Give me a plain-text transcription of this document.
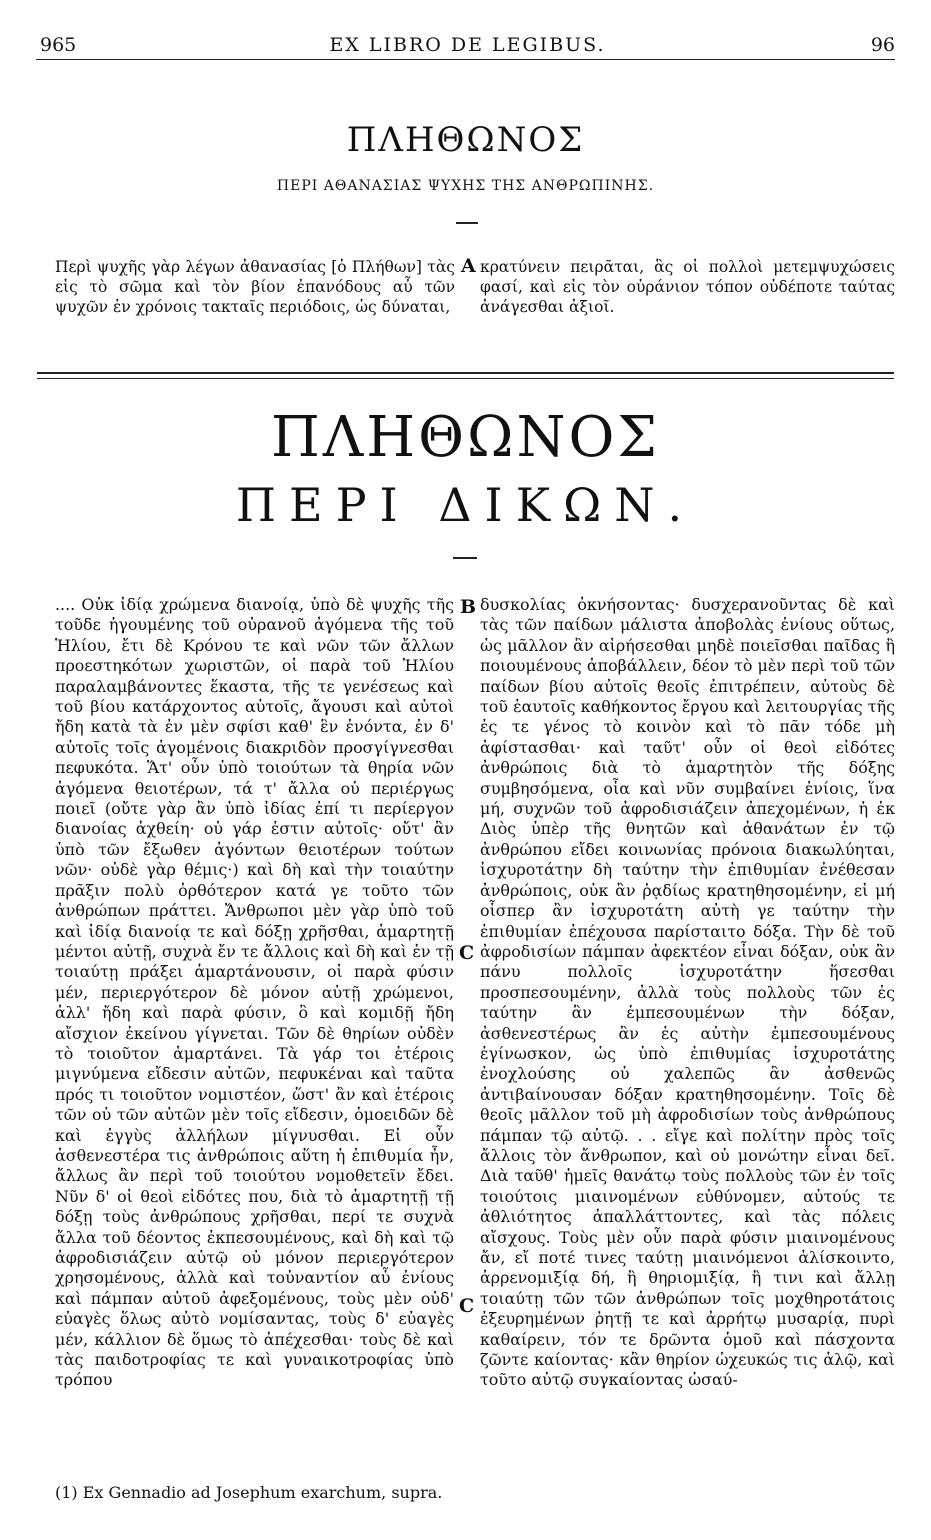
965	EX LIBRO DE LEGIBUS.	96
ΠΛΗΘΩΝΟΣ
ΠΕΡΙ ΑΘΑΝΑΣΙΑΣ ΨΥΧΗΣ ΤΗΣ ΑΝΘΡΩΠΙΝΗΣ.

Περὶ ψυχῆς γὰρ λέγων ἀθανασίας [ὁ Πλήθων] τὰς εἰς τὸ σῶμα καὶ τὸν βίον ἐπανόδους αὖ τῶν ψυχῶν ἐν χρόνοις τακταῖς περιόδοις, ὡς δύναται,

A κρατύνειν πειρᾶται, ἃς οἱ πολλοὶ μετεμψυχώσεις φασί, καὶ εἰς τὸν οὐράνιον τόπον οὐδέποτε ταύτας ἀνάγεσθαι ἀξιοῖ.

ΠΛΗΘΩΝΟΣ
ΠΕΡΙ ΔΙΚΩΝ.

.... Οὐκ ἰδίᾳ χρώμενα διανοίᾳ, ὑπὸ δὲ ψυχῆς τῆς τοῦδε ἡγουμένης τοῦ οὐρανοῦ ἀγόμενα τῆς τοῦ Ἡλίου, ἔτι δὲ Κρόνου τε καὶ νῶν τῶν ἄλλων προεστηκότων χωριστῶν, οἱ παρὰ τοῦ Ἡλίου παραλαμβάνοντες ἕκαστα, τῆς τε γενέσεως καὶ τοῦ βίου κατάρχοντος αὐτοῖς, ἄγουσι καὶ αὐτοὶ ἤδη κατὰ τὰ ἐν μὲν σφίσι καθ' ἓν ἐνόντα, ἐν δ' αὐτοῖς τοῖς ἀγομένοις διακριδὸν προσγίγνεσθαι πεφυκότα. Ἅτ' οὖν ὑπὸ τοιούτων τὰ θηρία νῶν ἀγόμενα θειοτέρων, τά τ' ἄλλα οὐ περιέργως ποιεῖ (οὔτε γὰρ ἂν ὑπὸ ἰδίας ἐπί τι περίεργον διανοίας ἀχθείη· οὐ γάρ ἐστιν αὐτοῖς· οὔτ' ἂν ὑπὸ τῶν ἔξωθεν ἀγόντων θειοτέρων τούτων νῶν· οὐδὲ γὰρ θέμις·) καὶ δὴ καὶ τὴν τοιαύτην πρᾶξιν πολὺ ὀρθότερον κατά γε τοῦτο τῶν ἀνθρώπων πράττει. Ἄνθρωποι μὲν γὰρ ὑπὸ τοῦ καὶ ἰδίᾳ διανοίᾳ τε καὶ δόξῃ χρῆσθαι, ἁμαρτητῇ μέντοι αὐτῇ, συχνὰ ἔν τε ἄλλοις καὶ δὴ καὶ ἐν τῇ τοιαύτῃ πράξει ἁμαρτάνουσιν, οἱ παρὰ φύσιν μέν, περιεργότερον δὲ μόνον αὐτῇ χρώμενοι, ἀλλ' ἤδη καὶ παρὰ φύσιν, ὃ καὶ κομιδῇ ἤδη αἴσχιον ἐκείνου γίγνεται. Τῶν δὲ θηρίων οὐδὲν τὸ τοιοῦτον ἁμαρτάνει. Τὰ γάρ τοι ἑτέροις μιγνύμενα εἴδεσιν αὐτῶν, πεφυκέναι καὶ ταῦτα πρός τι τοιοῦτον νομιστέον, ὥστ' ἂν καὶ ἑτέροις τῶν οὐ τῶν αὐτῶν μὲν τοῖς εἴδεσιν, ὁμοειδῶν δὲ καὶ ἐγγὺς ἀλλήλων μίγνυσθαι. Εἰ οὖν ἀσθενεστέρα τις ἀνθρώποις αὕτη ἡ ἐπιθυμία ἦν, ἄλλως ἂν περὶ τοῦ τοιούτου νομοθετεῖν ἔδει. Νῦν δ' οἱ θεοὶ εἰδότες που, διὰ τὸ ἁμαρτητῇ τῇ δόξῃ τοὺς ἀνθρώπους χρῆσθαι, περί τε συχνὰ ἄλλα τοῦ δέοντος ἐκπεσουμένους, καὶ δὴ καὶ τῷ ἀφροδισιάζειν αὐτῷ οὐ μόνον περιεργότερον χρησομένους, ἀλλὰ καὶ τοὐναντίον αὖ ἐνίους καὶ πάμπαν αὐτοῦ ἀφεξομένους, τοὺς μὲν οὐδ' εὐαγὲς ὅλως αὐτὸ νομίσαντας, τοὺς δ' εὐαγὲς μέν, κάλλιον δὲ ὅμως τὸ ἀπέχεσθαι· τοὺς δὲ καὶ τὰς παιδοτροφίας τε καὶ γυναικοτροφίας ὑπὸ τρόπου

B
C
C

δυσκολίας ὀκνήσοντας· δυσχερανοῦντας δὲ καὶ τὰς τῶν παίδων μάλιστα ἀποβολὰς ἐνίους οὕτως, ὡς μᾶλλον ἂν αἱρήσεσθαι μηδὲ ποιεῖσθαι παῖδας ἢ ποιουμένους ἀποβάλλειν, δέον τὸ μὲν περὶ τοῦ τῶν παίδων βίου αὐτοῖς θεοῖς ἐπιτρέπειν, αὐτοὺς δὲ τοῦ ἑαυτοῖς καθήκοντος ἔργου καὶ λειτουργίας τῆς ἐς τε γένος τὸ κοινὸν καὶ τὸ πᾶν τόδε μὴ ἀφίστασθαι· καὶ ταῦτ' οὖν οἱ θεοὶ εἰδότες ἀνθρώποις διὰ τὸ ἁμαρτητὸν τῆς δόξης συμβησόμενα, οἷα καὶ νῦν συμβαίνει ἐνίοις, ἵνα μή, συχνῶν τοῦ ἀφροδισιάζειν ἀπεχομένων, ἡ ἐκ Διὸς ὑπὲρ τῆς θνητῶν καὶ ἀθανάτων ἐν τῷ ἀνθρώπου εἴδει κοινωνίας πρόνοια διακωλύηται, ἰσχυροτάτην δὴ ταύτην τὴν ἐπιθυμίαν ἐνέθεσαν ἀνθρώποις, οὐκ ἂν ῥᾳδίως κρατηθησομένην, εἰ μή οἷσπερ ἂν ἰσχυροτάτη αὐτὴ γε ταύτην τὴν ἐπιθυμίαν ἐπέχουσα παρίσταιτο δόξα. Τὴν δὲ τοῦ ἀφροδισίων πάμπαν ἀφεκτέον εἶναι δόξαν, οὐκ ἂν πάνυ πολλοῖς ἰσχυροτάτην ἥσεσθαι προσπεσουμένην, ἀλλὰ τοὺς πολλοὺς τῶν ἐς ταύτην ἂν ἐμπεσουμένων τὴν δόξαν, ἀσθενεστέρως ἂν ἐς αὐτὴν ἐμπεσουμένους ἐγίνωσκον, ὡς ὑπὸ ἐπιθυμίας ἰσχυροτάτης ἐνοχλούσης οὐ χαλεπῶς ἂν ἀσθενῶς ἀντιβαίνουσαν δόξαν κρατηθησομένην. Τοῖς δὲ θεοῖς μᾶλλον τοῦ μὴ ἀφροδισίων τοὺς ἀνθρώπους πάμπαν τῷ αὐτῷ. . . εἴγε καὶ πολίτην πρὸς τοῖς ἄλλοις τὸν ἄνθρωπον, καὶ οὐ μονώτην εἶναι δεῖ. Διὰ ταῦθ' ἡμεῖς θανάτῳ τοὺς πολλοὺς τῶν ἐν τοῖς τοιούτοις μιαινομένων εὐθύνομεν, αὐτούς τε ἀθλιότητος ἀπαλλάττοντες, καὶ τὰς πόλεις αἴσχους. Τοὺς μὲν οὖν παρὰ φύσιν μιαινομένους ἄν, εἴ ποτέ τινες ταύτῃ μιαινόμενοι ἁλίσκοιντο, ἀρρενομιξίᾳ δή, ἢ θηριομιξίᾳ, ἢ τινι καὶ ἄλλῃ τοιαύτῃ τῶν τῶν ἀνθρώπων τοῖς μοχθηροτάτοις ἐξευρημένων ῥητῇ τε καὶ ἀρρήτῳ μυσαρίᾳ, πυρὶ καθαίρειν, τόν τε δρῶντα ὁμοῦ καὶ πάσχοντα ζῶντε καίοντας· κἂν θηρίον ὠχευκώς τις ἁλῷ, καὶ τοῦτο αὐτῷ συγκαίοντας ὡσαύ-

(1) Ex Gennadio ad Josephum exarchum, supra.
